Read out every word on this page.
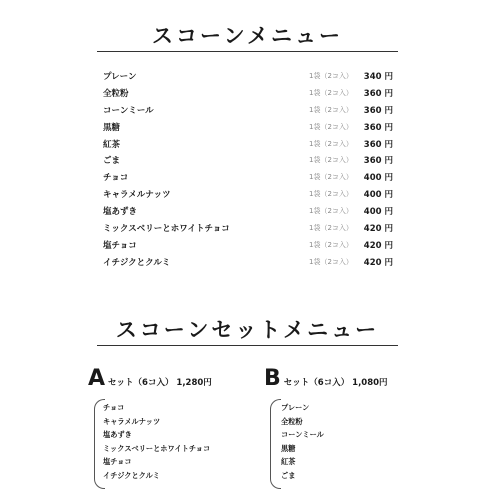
スコーンメニュー
プレーン	1袋（2コ入） 340 円
全粒粉	1袋（2コ入） 360 円
コーンミール	1袋（2コ入） 360 円
黒糖	1袋（2コ入） 360 円
紅茶	1袋（2コ入） 360 円
ごま	1袋（2コ入） 360 円
チョコ	1袋（2コ入） 400 円
キャラメルナッツ	1袋（2コ入） 400 円
塩あずき	1袋（2コ入） 400 円
ミックスベリーとホワイトチョコ	1袋（2コ入） 420 円
塩チョコ	1袋（2コ入） 420 円
イチジクとクルミ	1袋（2コ入） 420 円
スコーンセットメニュー
Aセット（6コ入） 1,280円 Bセット（6コ入） 1,080円
チョコ
キャラメルナッツ
塩あずき
ミックスベリーとホワイトチョコ
塩チョコ
イチジクとクルミ
プレーン
全粒粉
コーンミール
黒糖
紅茶
ごま
